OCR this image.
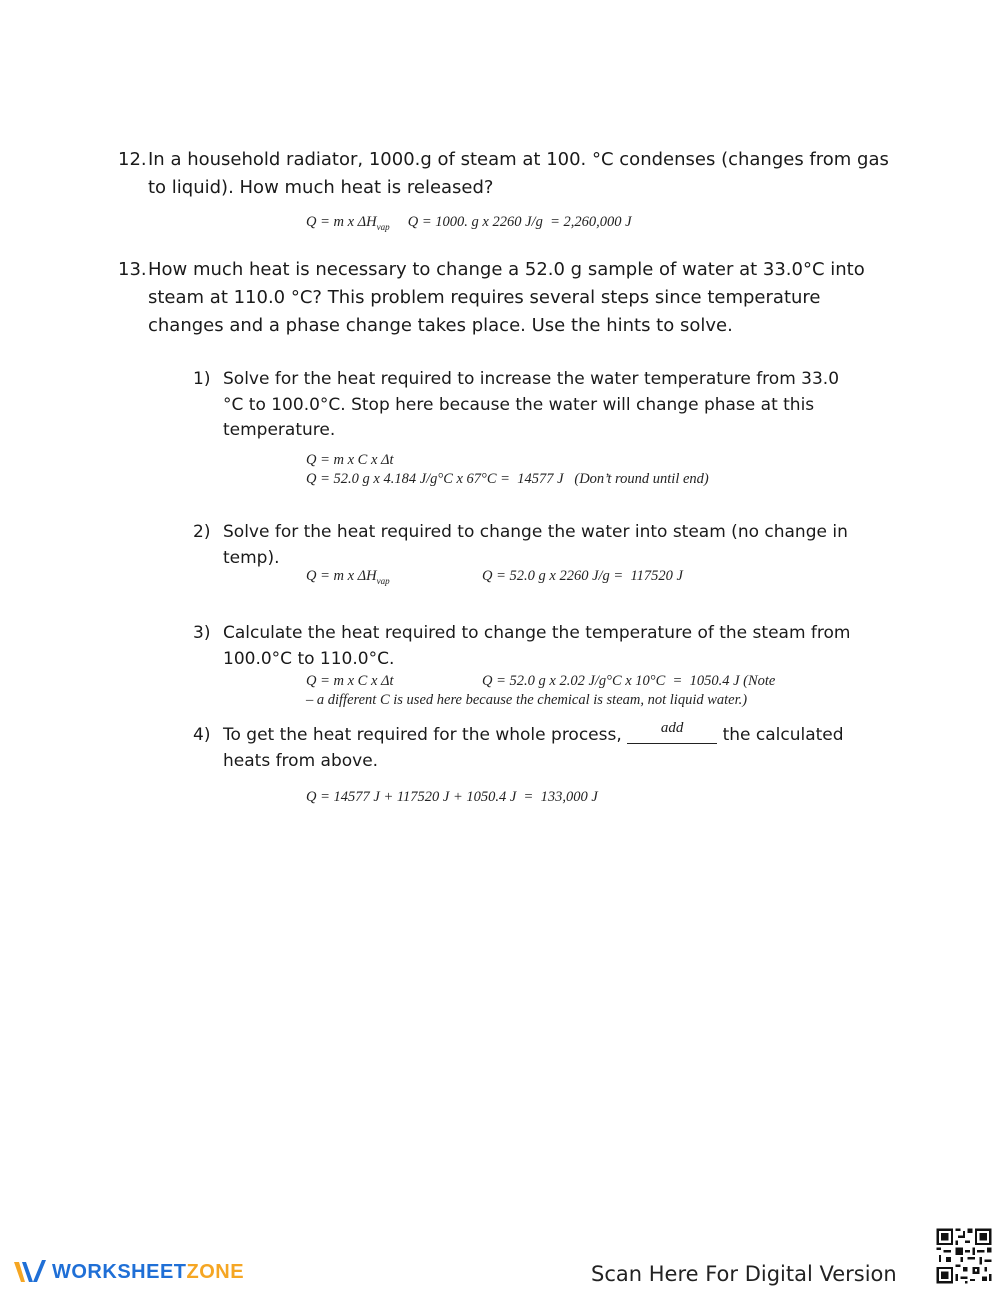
12. In a household radiator, 1000.g of steam at 100. °C condenses (changes from gas to liquid). How much heat is released?
Q = m x $\Delta H_{vap}$     Q = 1000. g x 2260 J/g  = 2,260,000 J
13. How much heat is necessary to change a 52.0 g sample of water at 33.0°C into steam at 110.0 °C? This problem requires several steps since temperature changes and a phase change takes place. Use the hints to solve.
1) Solve for the heat required to increase the water temperature from 33.0 °C to 100.0°C. Stop here because the water will change phase at this temperature.
Q = m x C x Δt
Q = 52.0 g x 4.184 J/g°C x 67°C =  14577 J   (Don’t round until end)
2) Solve for the heat required to change the water into steam (no change in temp).
Q = m x $\Delta H_{vap}$	Q = 52.0 g x 2260 J/g =  117520 J
3) Calculate the heat required to change the temperature of the steam from 100.0°C to 110.0°C.
Q = m x C x Δt	Q = 52.0 g x 2.02 J/g°C x 10°C  =  1050.4 J (Note
– a different C is used here because the chemical is steam, not liquid water.)
4) To get the heat required for the whole process,	add the calculated
heats from above.
Q = 14577 J + 117520 J + 1050.4 J  =  133,000 J
WORKSHEET ZONE	Scan Here For Digital Version
